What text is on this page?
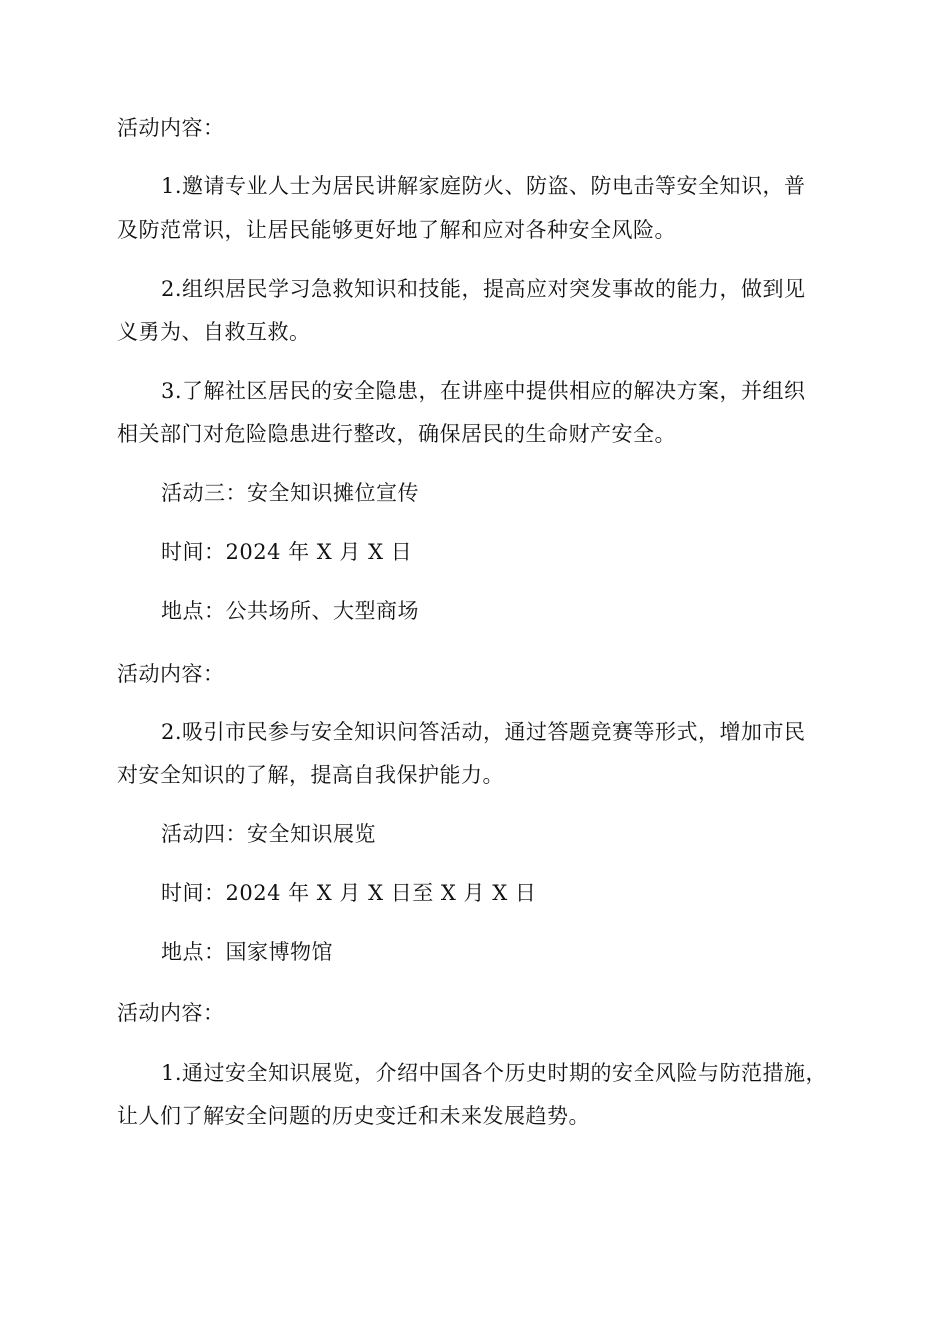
活动内容：
1.邀请专业人士为居民讲解家庭防火、防盗、防电击等安全知识，普
及防范常识，让居民能够更好地了解和应对各种安全风险。
2.组织居民学习急救知识和技能，提高应对突发事故的能力，做到见
义勇为、自救互救。
3.了解社区居民的安全隐患，在讲座中提供相应的解决方案，并组织
相关部门对危险隐患进行整改，确保居民的生命财产安全。
活动三：安全知识摊位宣传
时间：2024 年 X 月 X 日
地点：公共场所、大型商场
活动内容：
2.吸引市民参与安全知识问答活动，通过答题竞赛等形式，增加市民
对安全知识的了解，提高自我保护能力。
活动四：安全知识展览
时间：2024 年 X 月 X 日至 X 月 X 日
地点：国家博物馆
活动内容：
1.通过安全知识展览，介绍中国各个历史时期的安全风险与防范措施，
让人们了解安全问题的历史变迁和未来发展趋势。
